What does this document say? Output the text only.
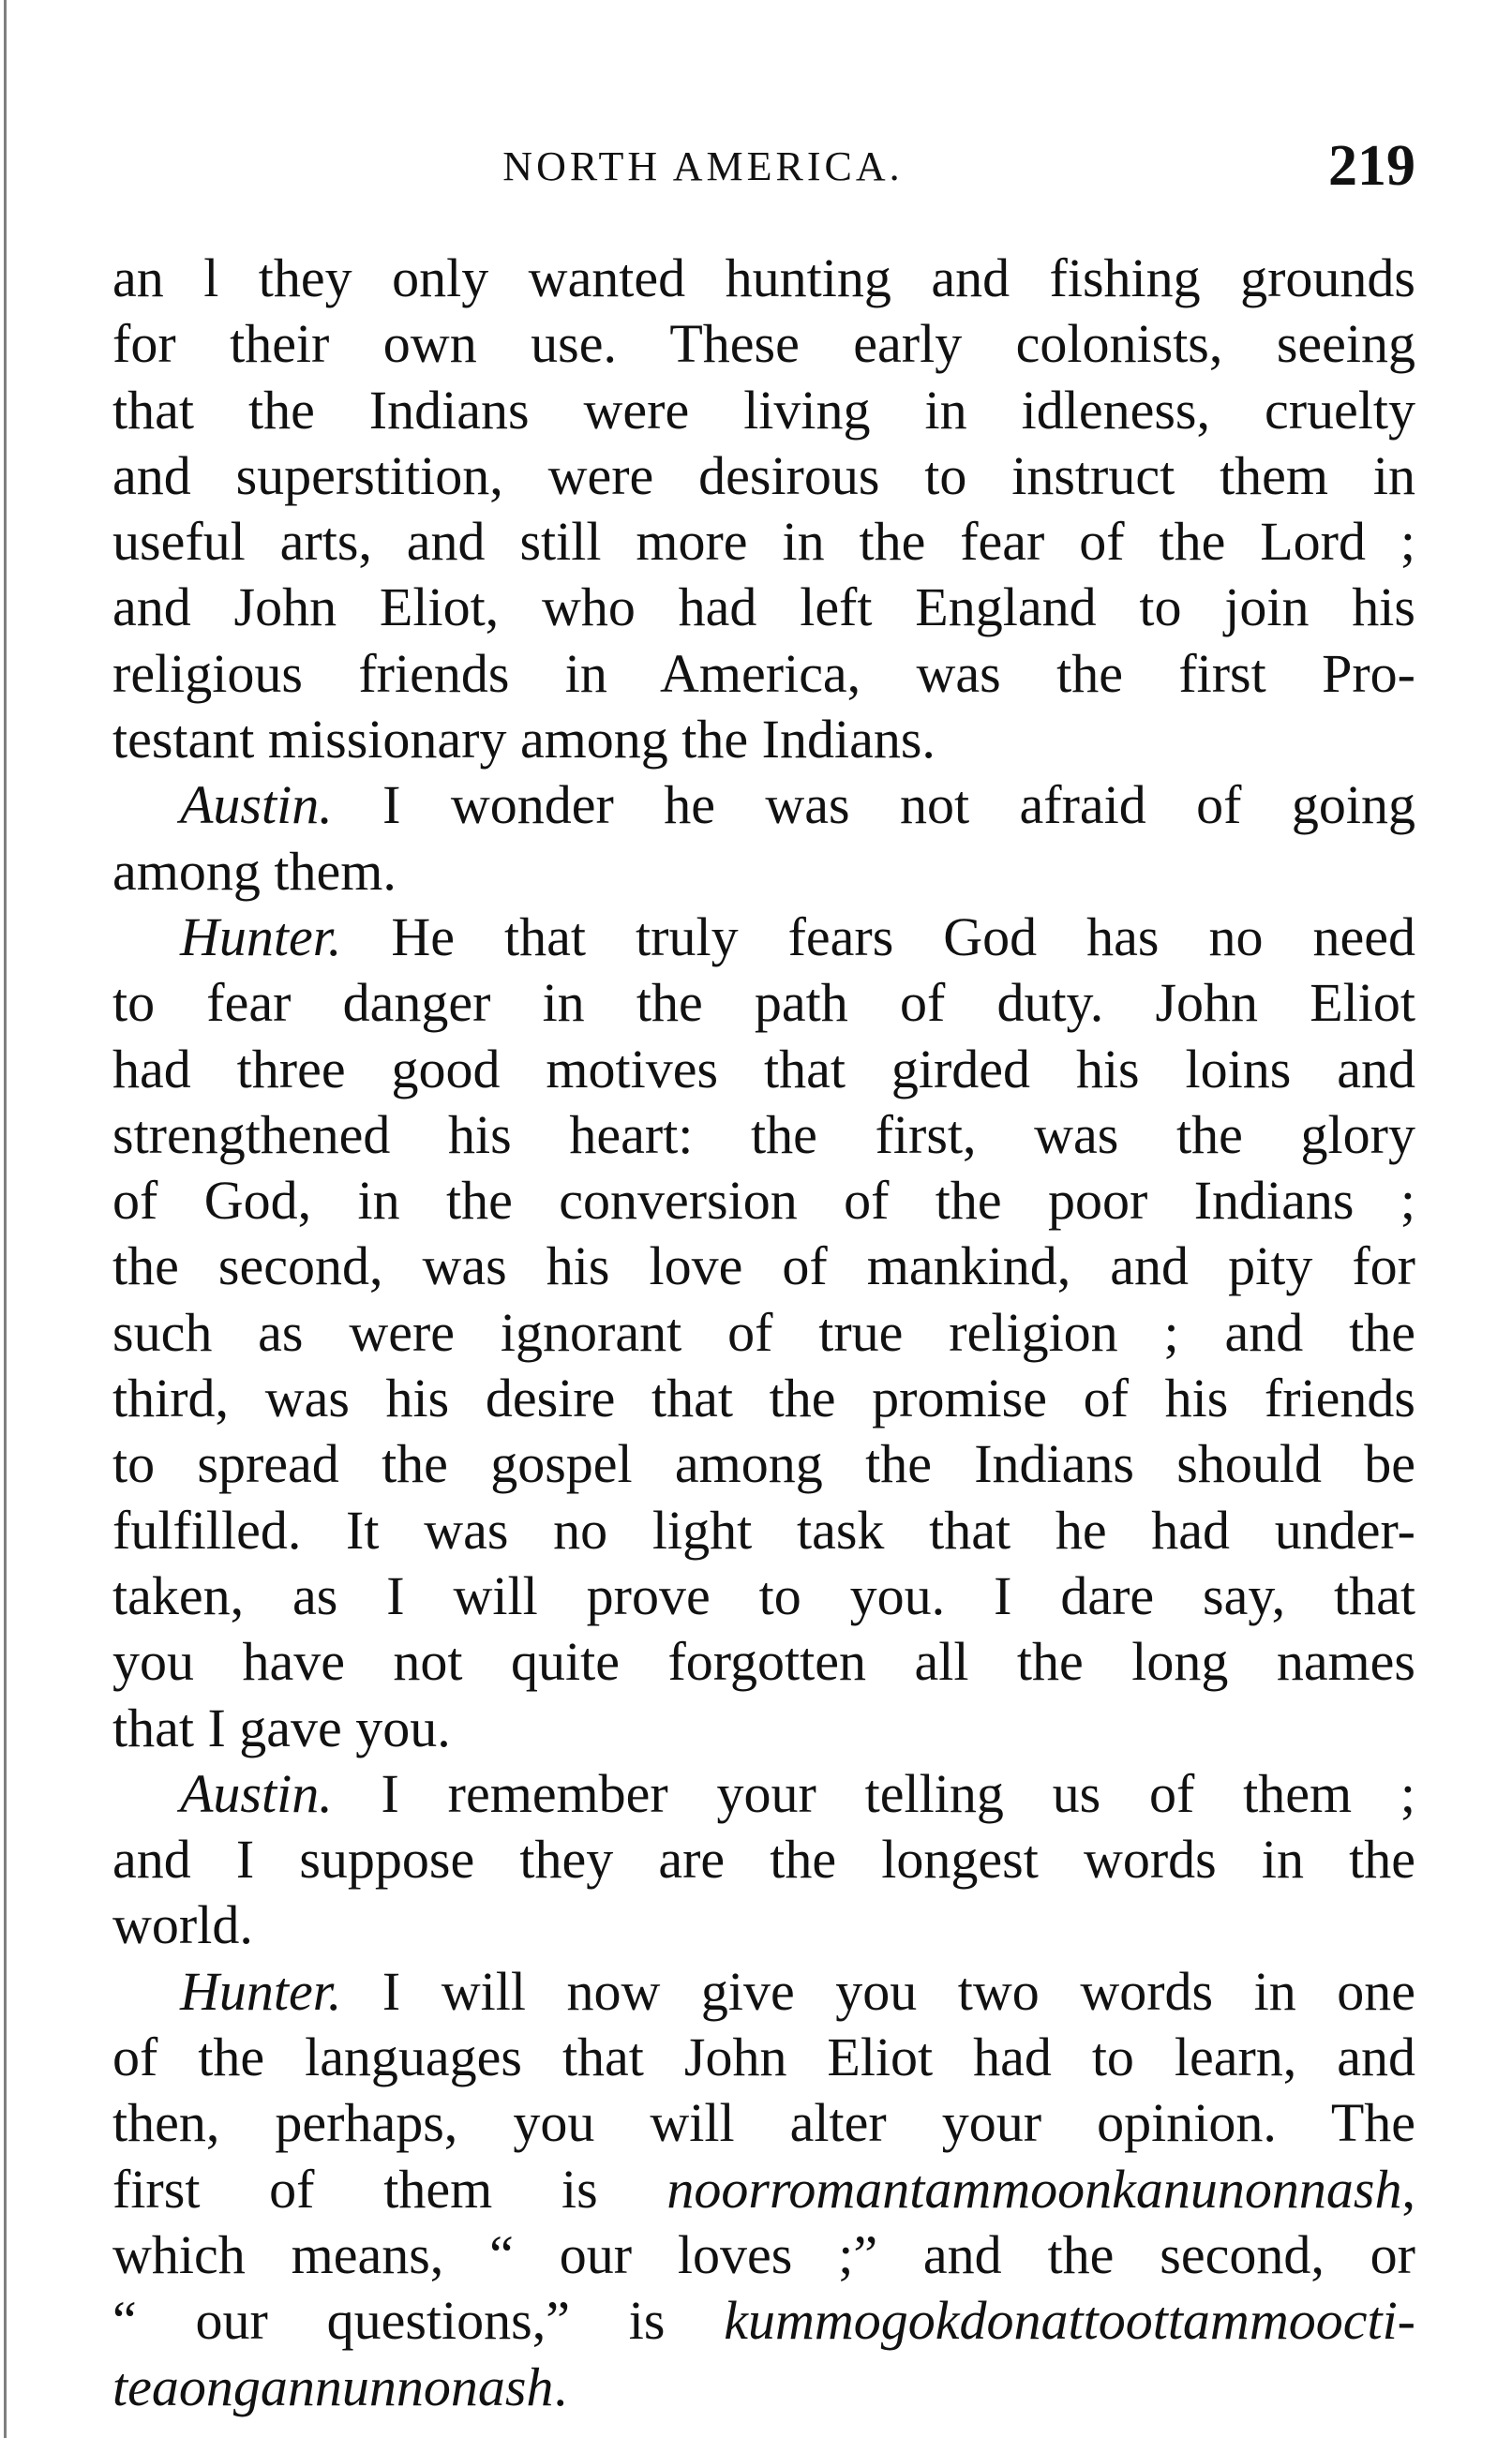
NORTH AMERICA.	219
an l they only wanted hunting and fishing grounds
for their own use. These early colonists, seeing
that the Indians were living in idleness, cruelty
and superstition, were desirous to instruct them in
useful arts, and still more in the fear of the Lord ;
and John Eliot, who had left England to join his
religious friends in America, was the first Pro-
testant missionary among the Indians.
Austin. I wonder he was not afraid of going
among them.
Hunter. He that truly fears God has no need
to fear danger in the path of duty. John Eliot
had three good motives that girded his loins and
strengthened his heart: the first, was the glory
of God, in the conversion of the poor Indians ;
the second, was his love of mankind, and pity for
such as were ignorant of true religion ; and the
third, was his desire that the promise of his friends
to spread the gospel among the Indians should be
fulfilled. It was no light task that he had under-
taken, as I will prove to you. I dare say, that
you have not quite forgotten all the long names
that I gave you.
Austin. I remember your telling us of them ;
and I suppose they are the longest words in the
world.
Hunter. I will now give you two words in one
of the languages that John Eliot had to learn, and
then, perhaps, you will alter your opinion. The
first of them is noorromantammoonkanunonnash,
which means, “ our loves ;” and the second, or
“ our questions,” is kummogokdonattoottammoocti-
teaongannunnonash.
